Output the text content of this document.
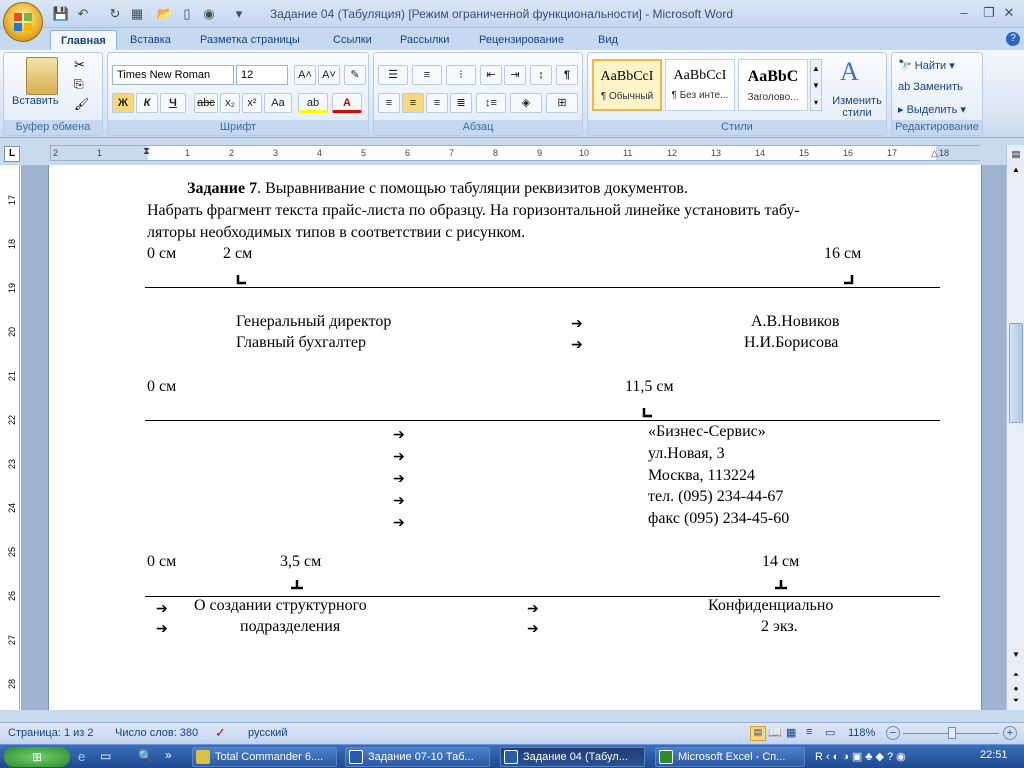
💾 ↶ ↻ ▦ 📂 ▯ ◉	▾	Задание 04 (Табуляция) [Режим ограниченной функциональности] - Microsoft Word	–	❐ ✕
Главная	Вставка	Разметка страницы	Ссылки	Рассылки	Рецензирование	Вид	?
Вставить
✂
⎘
🖌
Буфер обмена
Times New Roman	12	A˄ A˅	✎
Ж	К	Ч	abc x₂	x²	Aa	ab	A
Шрифт
☰	≡	⁝	⇤	⇥	↕	¶
≡	≡	≡	≣	↕≡	◈	⊞
Абзац
AaBbCcI
¶ Обычный
AaBbCcI
¶ Без инте...
AaBbC
Заголово...
▲
▼
▾
A
Изменить стили
Стили
🔭 Найти ▾
ab Заменить
▸ Выделить ▾
Редактирование
L	⧗	△
2	1	1	2	3	4	5	6	7	8	9	10	11	12	13	14	15	16	17	18	▤
▲
▼
⏶
●
⏷
17
18
19
20
21
22
23
24
25
26
27
28
Задание 7. Выравнивание с помощью табуляции реквизитов документов.
Набрать фрагмент текста прайс-листа по образцу. На горизонтальной линейке установить табу-
ляторы необходимых типов в соответствии с рисунком.
0 см	2 см	16 см
Генеральный директор	➔	А.В.Новиков
Главный бухгалтер	➔	Н.И.Борисова
0 см	11,5 см
➔	«Бизнес-Сервис»
➔	ул.Новая, 3
➔	Москва, 113224
➔	тел. (095) 234-44-67
➔	факс (095) 234-45-60
0 см	3,5 см	14 см
➔ О создании структурного	➔	Конфиденциально
➔	подразделения	➔	2 экз.
Страница: 1 из 2 Число слов: 380 ✓ русский	▤ 📖 ▦ ≡ ▭ 118%	−	+
⊞	e ▭ 🔍 »	Total Commander 6....	Задание 07-10 Таб...	Задание 04 (Табул...	Microsoft Excel - Сп...	R‹◐◑▣♣◆?◉	22:51
